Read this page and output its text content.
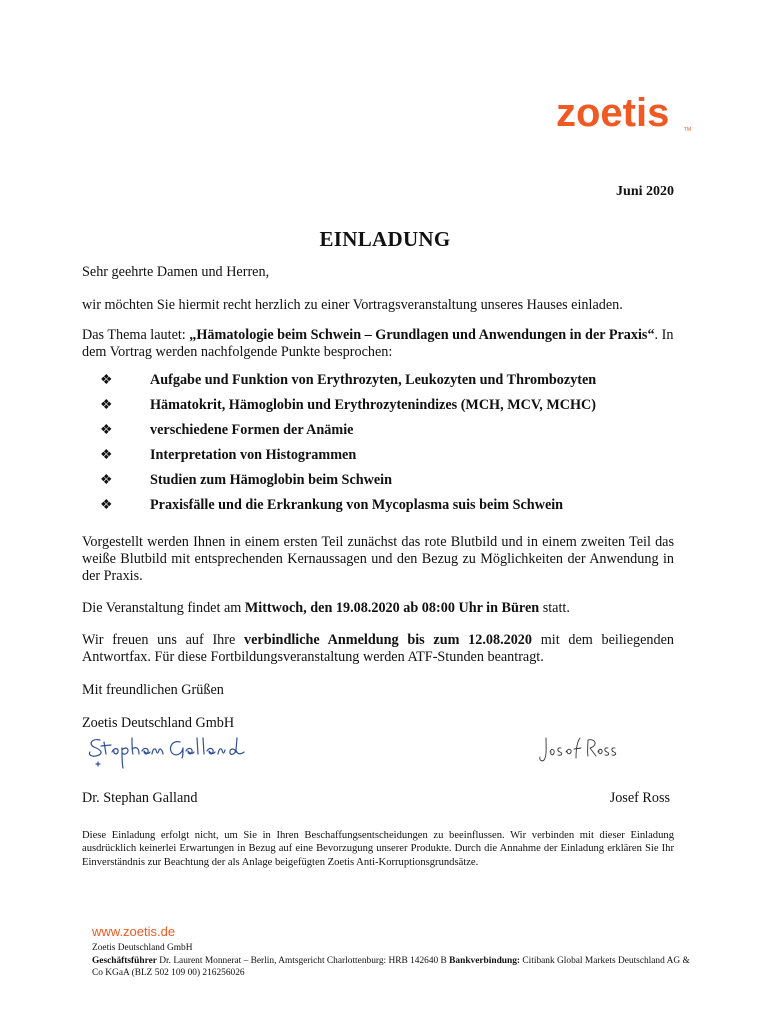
zoetis	TM
Juni 2020
EINLADUNG

Sehr geehrte Damen und Herren,

wir möchten Sie hiermit recht herzlich zu einer Vortragsveranstaltung unseres Hauses einladen.

Das Thema lautet: „Hämatologie beim Schwein – Grundlagen und Anwendungen in der Praxis“. In dem Vortrag werden nachfolgende Punkte besprochen:

❖	Aufgabe und Funktion von Erythrozyten, Leukozyten und Thrombozyten
❖	Hämatokrit, Hämoglobin und Erythrozytenindizes (MCH, MCV, MCHC)
❖	verschiedene Formen der Anämie
❖	Interpretation von Histogrammen
❖	Studien zum Hämoglobin beim Schwein
❖	Praxisfälle und die Erkrankung von Mycoplasma suis beim Schwein

Vorgestellt werden Ihnen in einem ersten Teil zunächst das rote Blutbild und in einem zweiten Teil das weiße Blutbild mit entsprechenden Kernaussagen und den Bezug zu Möglichkeiten der Anwendung in der Praxis.

Die Veranstaltung findet am Mittwoch, den 19.08.2020 ab 08:00 Uhr in Büren statt.

Wir freuen uns auf Ihre verbindliche Anmeldung bis zum 12.08.2020 mit dem beiliegenden Antwortfax. Für diese Fortbildungsveranstaltung werden ATF-Stunden beantragt.

Mit freundlichen Grüßen

Zoetis Deutschland GmbH

Dr. Stephan Galland	Josef Ross
Diese Einladung erfolgt nicht, um Sie in Ihren Beschaffungsentscheidungen zu beeinflussen. Wir verbinden mit dieser Einladung ausdrücklich keinerlei Erwartungen in Bezug auf eine Bevorzugung unserer Produkte. Durch die Annahme der Einladung erklären Sie Ihr Einverständnis zur Beachtung der als Anlage beigefügten Zoetis Anti-Korruptionsgrundsätze.
www.zoetis.de
Zoetis Deutschland GmbH
Geschäftsführer Dr. Laurent Monnerat – Berlin, Amtsgericht Charlottenburg: HRB 142640 B Bankverbindung: Citibank Global Markets Deutschland AG & Co KGaA (BLZ 502 109 00) 216256026
